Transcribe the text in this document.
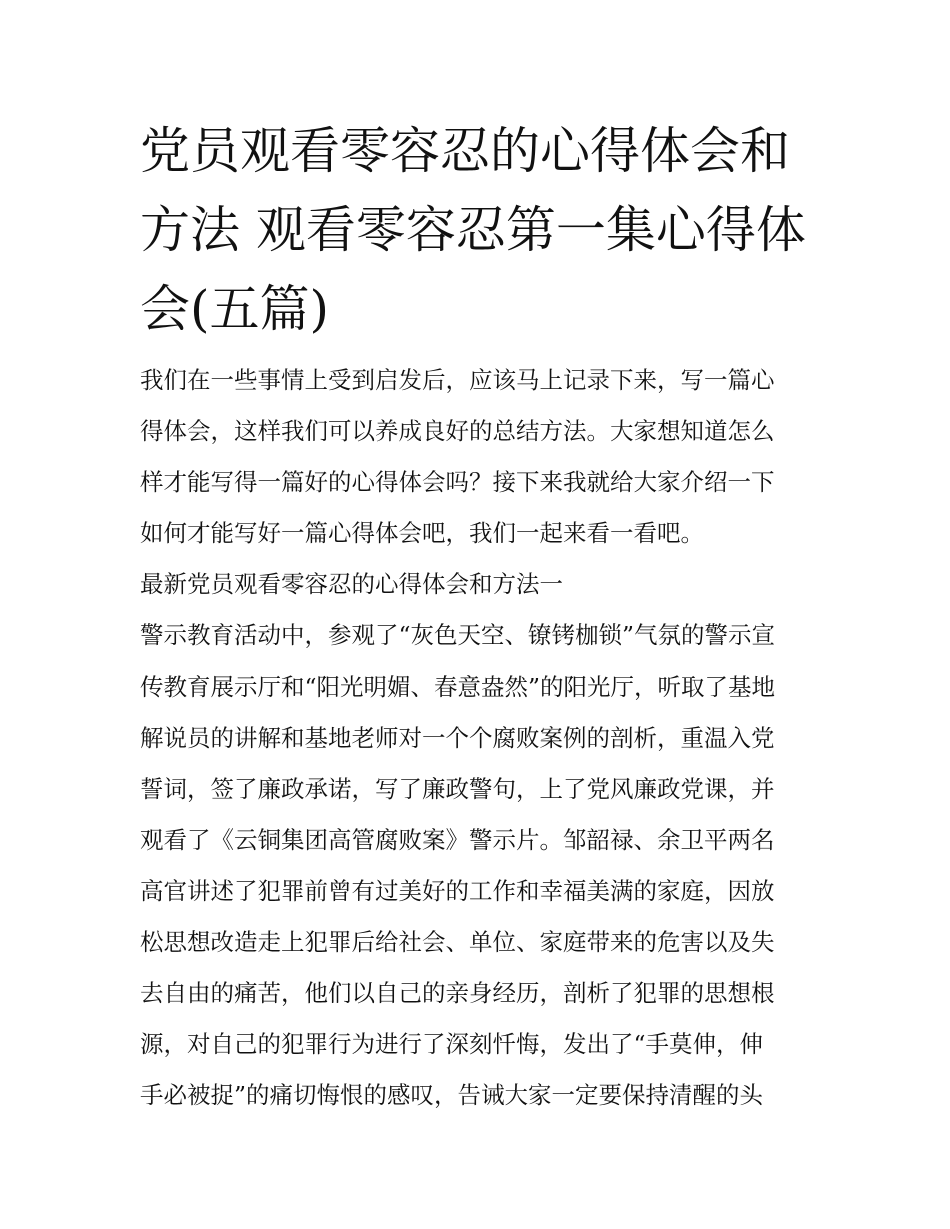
党员观看零容忍的心得体会和
方法 观看零容忍第一集心得体
会(五篇)
我们在一些事情上受到启发后，应该马上记录下来，写一篇心
得体会，这样我们可以养成良好的总结方法。大家想知道怎么
样才能写得一篇好的心得体会吗？接下来我就给大家介绍一下
如何才能写好一篇心得体会吧，我们一起来看一看吧。
最新党员观看零容忍的心得体会和方法一
警示教育活动中，参观了“灰色天空、镣铐枷锁”气氛的警示宣
传教育展示厅和“阳光明媚、春意盎然”的阳光厅，听取了基地
解说员的讲解和基地老师对一个个腐败案例的剖析，重温入党
誓词，签了廉政承诺，写了廉政警句，上了党风廉政党课，并
观看了《云铜集团高管腐败案》警示片。邹韶禄、余卫平两名
高官讲述了犯罪前曾有过美好的工作和幸福美满的家庭，因放
松思想改造走上犯罪后给社会、单位、家庭带来的危害以及失
去自由的痛苦，他们以自己的亲身经历，剖析了犯罪的思想根
源，对自己的犯罪行为进行了深刻忏悔，发出了“手莫伸，伸
手必被捉”的痛切悔恨的感叹，告诫大家一定要保持清醒的头
